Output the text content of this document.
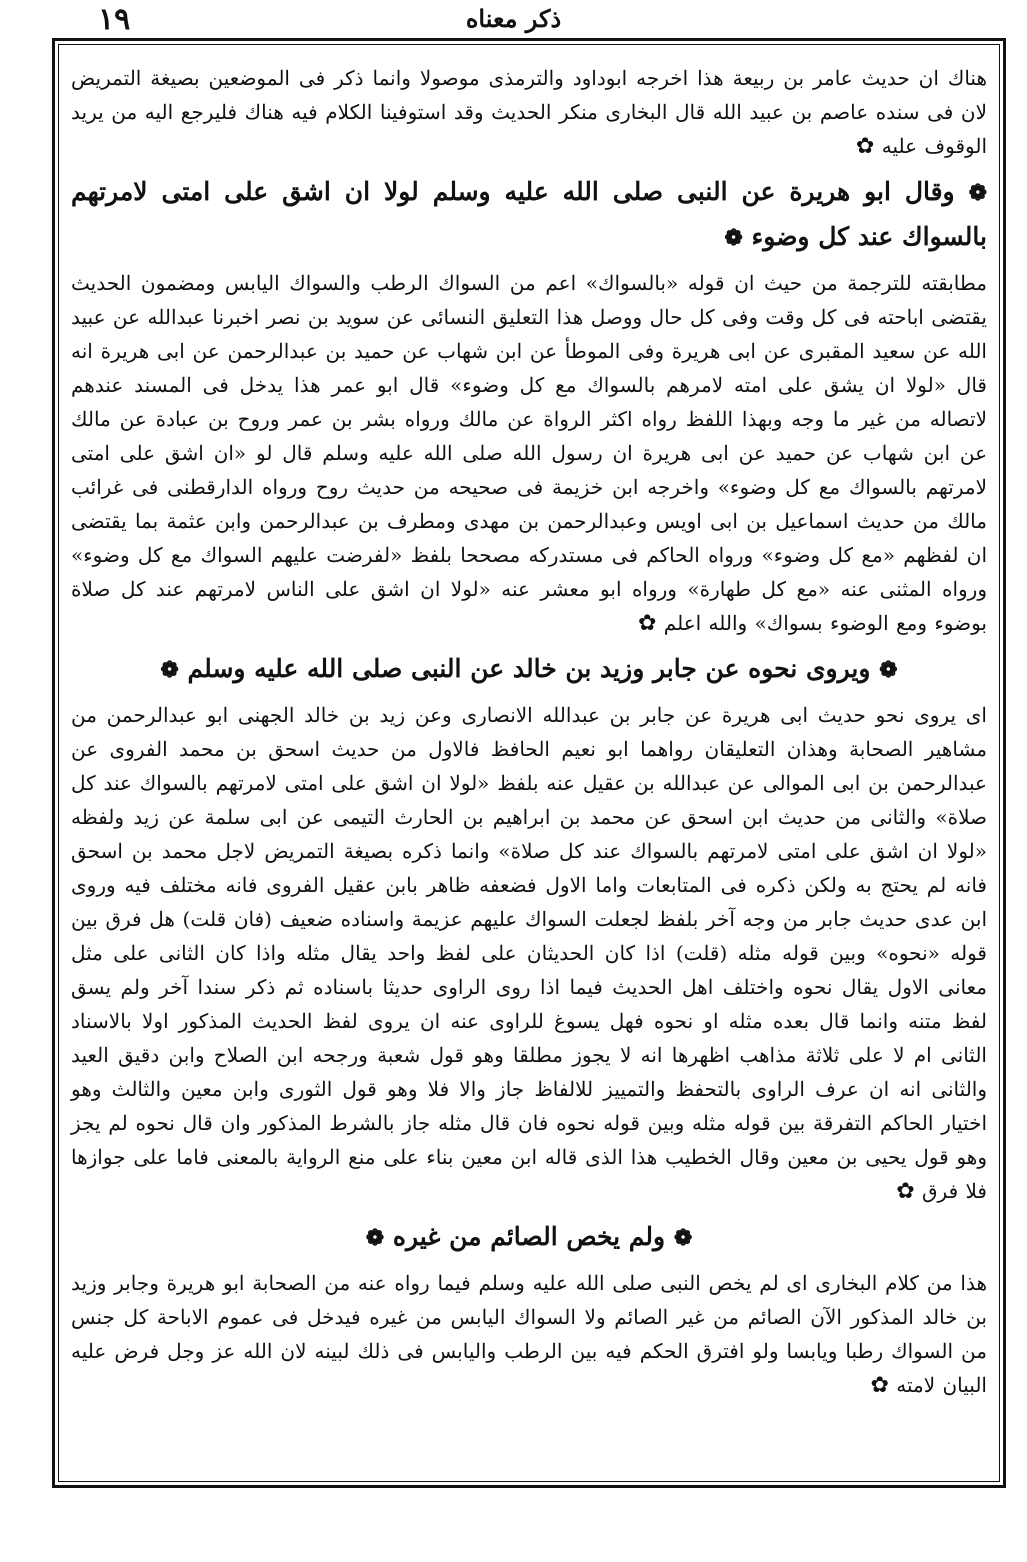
١٩	ذکر معناه

هناك ان حديث عامر بن ربيعة هذا اخرجه ابوداود والترمذى موصولا وانما ذكر فى الموضعين بصيغة التمريض لان فى سنده عاصم بن عبيد الله قال البخارى منكر الحديث وقد استوفينا الكلام فيه هناك فليرجع اليه من يريد الوقوف عليه ✿

❁ وقال ابو هريرة عن النبى صلى الله عليه وسلم لولا ان اشق على امتى لامرتهم بالسواك عند كل وضوء ❁

مطابقته للترجمة من حيث ان قوله «بالسواك» اعم من السواك الرطب والسواك اليابس ومضمون الحديث يقتضى اباحته فى كل وقت وفى كل حال ووصل هذا التعليق النسائى عن سويد بن نصر اخبرنا عبدالله عن عبيد الله عن سعيد المقبرى عن ابى هريرة وفى الموطأ عن ابن شهاب عن حميد بن عبدالرحمن عن ابى هريرة انه قال «لولا ان يشق على امته لامرهم بالسواك مع كل وضوء» قال ابو عمر هذا يدخل فى المسند عندهم لاتصاله من غير ما وجه وبهذا اللفظ رواه اكثر الرواة عن مالك ورواه بشر بن عمر وروح بن عبادة عن مالك عن ابن شهاب عن حميد عن ابى هريرة ان رسول الله صلى الله عليه وسلم قال لو «ان اشق على امتى لامرتهم بالسواك مع كل وضوء» واخرجه ابن خزيمة فى صحيحه من حديث روح ورواه الدارقطنى فى غرائب مالك من حديث اسماعيل بن ابى اويس وعبدالرحمن بن مهدى ومطرف بن عبدالرحمن وابن عثمة بما يقتضى ان لفظهم «مع كل وضوء» ورواه الحاكم فى مستدركه مصححا بلفظ «لفرضت عليهم السواك مع كل وضوء» ورواه المثنى عنه «مع كل طهارة» ورواه ابو معشر عنه «لولا ان اشق على الناس لامرتهم عند كل صلاة بوضوء ومع الوضوء بسواك» والله اعلم ✿

❁ ويروى نحوه عن جابر وزيد بن خالد عن النبى صلى الله عليه وسلم ❁

اى يروى نحو حديث ابى هريرة عن جابر بن عبدالله الانصارى وعن زيد بن خالد الجهنى ابو عبدالرحمن من مشاهير الصحابة وهذان التعليقان رواهما ابو نعيم الحافظ فالاول من حديث اسحق بن محمد الفروى عن عبدالرحمن بن ابى الموالى عن عبدالله بن عقيل عنه بلفظ «لولا ان اشق على امتى لامرتهم بالسواك عند كل صلاة» والثانى من حديث ابن اسحق عن محمد بن ابراهيم بن الحارث التيمى عن ابى سلمة عن زيد ولفظه «لولا ان اشق على امتى لامرتهم بالسواك عند كل صلاة» وانما ذكره بصيغة التمريض لاجل محمد بن اسحق فانه لم يحتج به ولكن ذكره فى المتابعات واما الاول فضعفه ظاهر بابن عقيل الفروى فانه مختلف فيه وروى ابن عدى حديث جابر من وجه آخر بلفظ لجعلت السواك عليهم عزيمة واسناده ضعيف (فان قلت) هل فرق بين قوله «نحوه» وبين قوله مثله (قلت) اذا كان الحديثان على لفظ واحد يقال مثله واذا كان الثانى على مثل معانى الاول يقال نحوه واختلف اهل الحديث فيما اذا روى الراوى حديثا باسناده ثم ذكر سندا آخر ولم يسق لفظ متنه وانما قال بعده مثله او نحوه فهل يسوغ للراوى عنه ان يروى لفظ الحديث المذكور اولا بالاسناد الثانى ام لا على ثلاثة مذاهب اظهرها انه لا يجوز مطلقا وهو قول شعبة ورجحه ابن الصلاح وابن دقيق العيد والثانى انه ان عرف الراوى بالتحفظ والتمييز للالفاظ جاز والا فلا وهو قول الثورى وابن معين والثالث وهو اختيار الحاكم التفرقة بين قوله مثله وبين قوله نحوه فان قال مثله جاز بالشرط المذكور وان قال نحوه لم يجز وهو قول يحيى بن معين وقال الخطيب هذا الذى قاله ابن معين بناء على منع الرواية بالمعنى فاما على جوازها فلا فرق ✿

❁ ولم يخص الصائم من غيره ❁

هذا من كلام البخارى اى لم يخص النبى صلى الله عليه وسلم فيما رواه عنه من الصحابة ابو هريرة وجابر وزيد بن خالد المذكور الآن الصائم من غير الصائم ولا السواك اليابس من غيره فيدخل فى عموم الاباحة كل جنس من السواك رطبا ويابسا ولو افترق الحكم فيه بين الرطب واليابس فى ذلك لبينه لان الله عز وجل فرض عليه البيان لامته ✿
